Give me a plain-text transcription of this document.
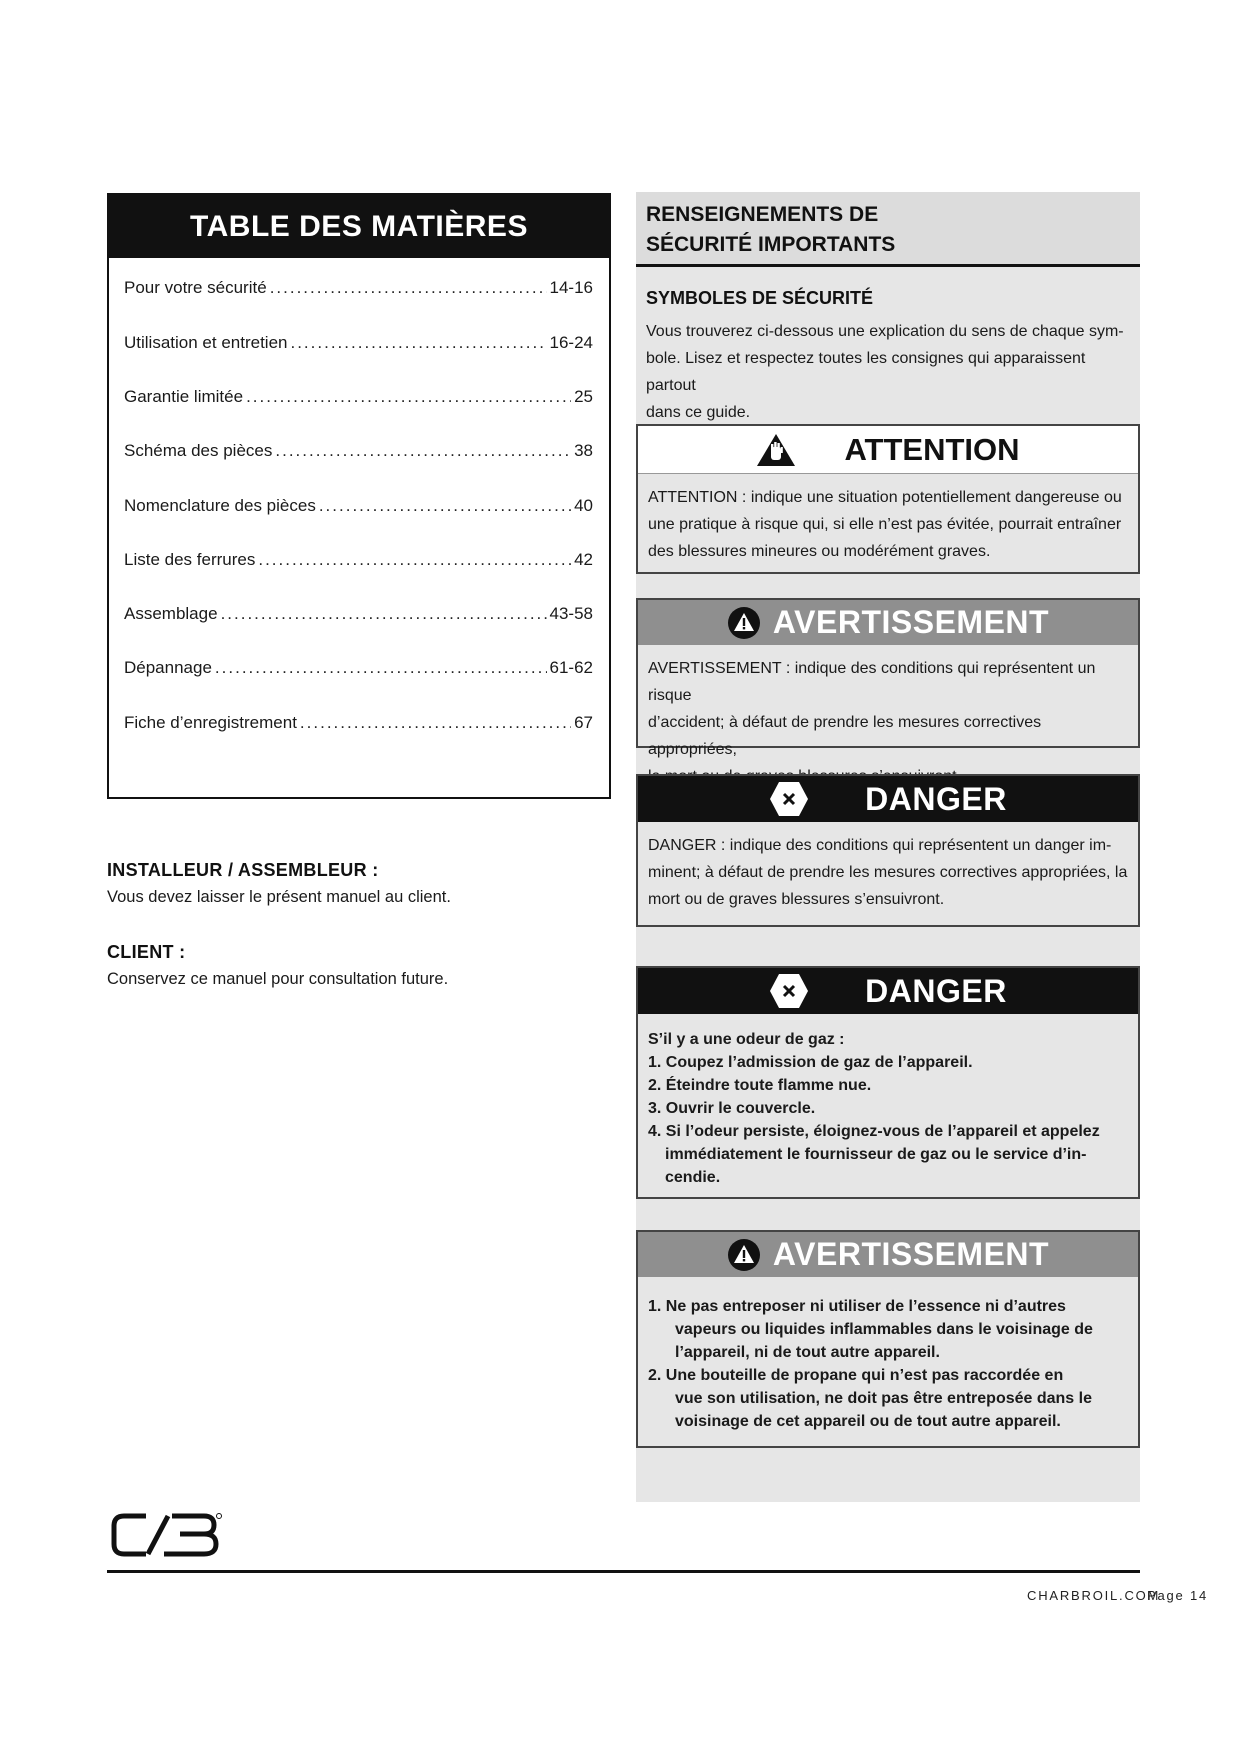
TABLE DES MATIÈRES
Pour votre sécurité .....	14-16
Utilisation et entretien .....	16-24
Garantie limitée .....	25
Schéma des pièces .....	38
Nomenclature des pièces .....	40
Liste des ferrures .....	42
Assemblage .....	43-58
Dépannage .....	61-62
Fiche d’enregistrement .....	67
INSTALLEUR / ASSEMBLEUR :
Vous devez laisser le présent manuel au client.
CLIENT :
Conservez ce manuel pour consultation future.
RENSEIGNEMENTS DE
SÉCURITÉ IMPORTANTS
SYMBOLES DE SÉCURITÉ
Vous trouverez ci-dessous une explication du sens de chaque sym-
bole. Lisez et respectez toutes les consignes qui apparaissent partout
dans ce guide.
ATTENTION
ATTENTION : indique une situation potentiellement dangereuse ou
une pratique à risque qui, si elle n’est pas évitée, pourrait entraîner
des blessures mineures ou modérément graves.
AVERTISSEMENT
AVERTISSEMENT : indique des conditions qui représentent un risque
d’accident; à défaut de prendre les mesures correctives appropriées,
DANGER
DANGER : indique des conditions qui représentent un danger im-
minent; à défaut de prendre les mesures correctives appropriées, la
mort ou de graves blessures s’ensuivront.
DANGER
S’il y a une odeur de gaz :
1. Coupez l’admission de gaz de l’appareil.
2. Éteindre toute flamme nue.
3. Ouvrir le couvercle.
4. Si l’odeur persiste, éloignez-vous de l’appareil et appelez
immédiatement le fournisseur de gaz ou le service d’in-
cendie.
AVERTISSEMENT
1. Ne pas entreposer ni utiliser de l’essence ni d’autres
vapeurs ou liquides inflammables dans le voisinage de
l’appareil, ni de tout autre appareil.
2. Une bouteille de propane qui n’est pas raccordée en
vue son utilisation, ne doit pas être entreposée dans le
voisinage de cet appareil ou de tout autre appareil.
CHARBROIL.COM
Page 14
